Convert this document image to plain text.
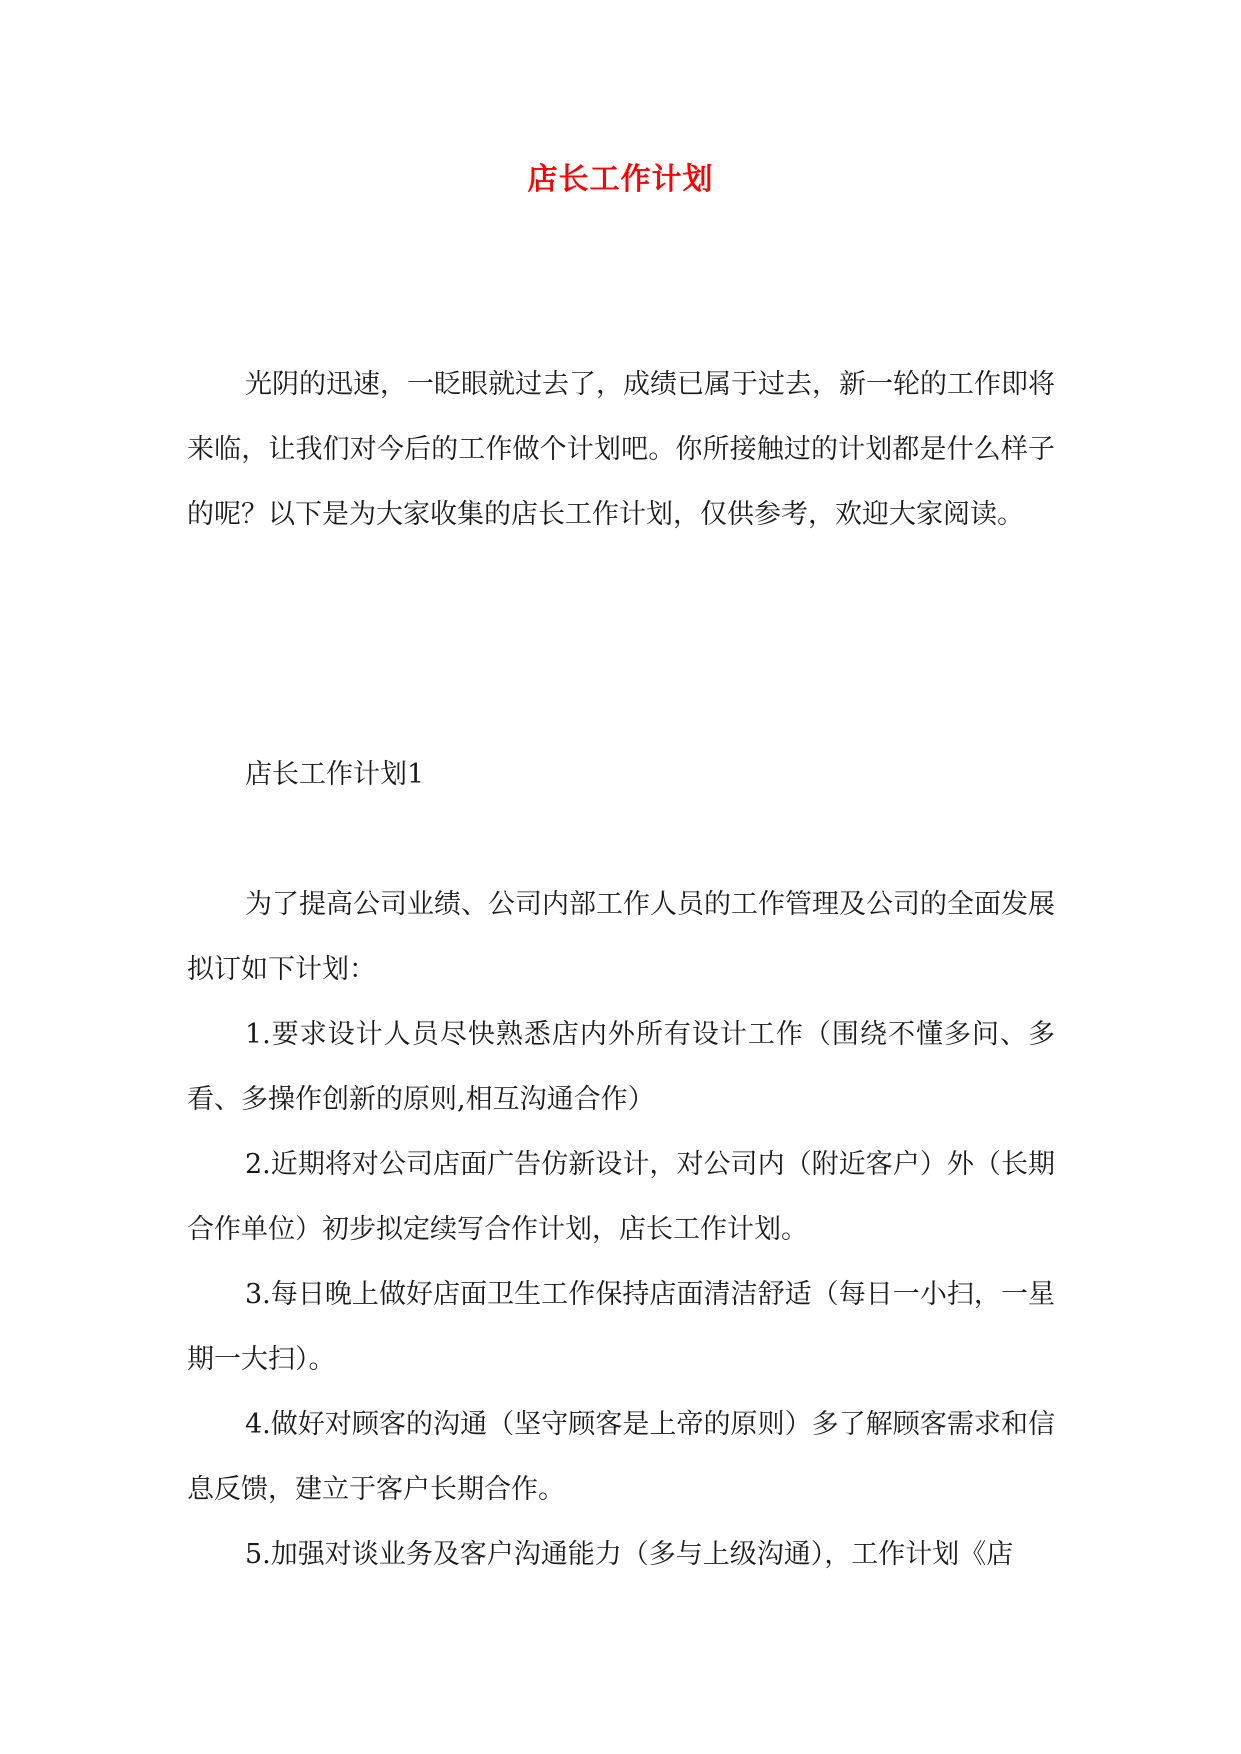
店长工作计划

光阴的迅速，一眨眼就过去了，成绩已属于过去，新一轮的工作即将来临，让我们对今后的工作做个计划吧。你所接触过的计划都是什么样子的呢？以下是为大家收集的店长工作计划，仅供参考，欢迎大家阅读。

店长工作计划1

为了提高公司业绩、公司内部工作人员的工作管理及公司的全面发展拟订如下计划：

1.要求设计人员尽快熟悉店内外所有设计工作（围绕不懂多问、多看、多操作创新的原则,相互沟通合作）

2.近期将对公司店面广告仿新设计，对公司内（附近客户）外（长期合作单位）初步拟定续写合作计划，店长工作计划。

3.每日晚上做好店面卫生工作保持店面清洁舒适（每日一小扫，一星期一大扫）。

4.做好对顾客的沟通（坚守顾客是上帝的原则）多了解顾客需求和信息反馈，建立于客户长期合作。

5.加强对谈业务及客户沟通能力（多与上级沟通），工作计划《店
